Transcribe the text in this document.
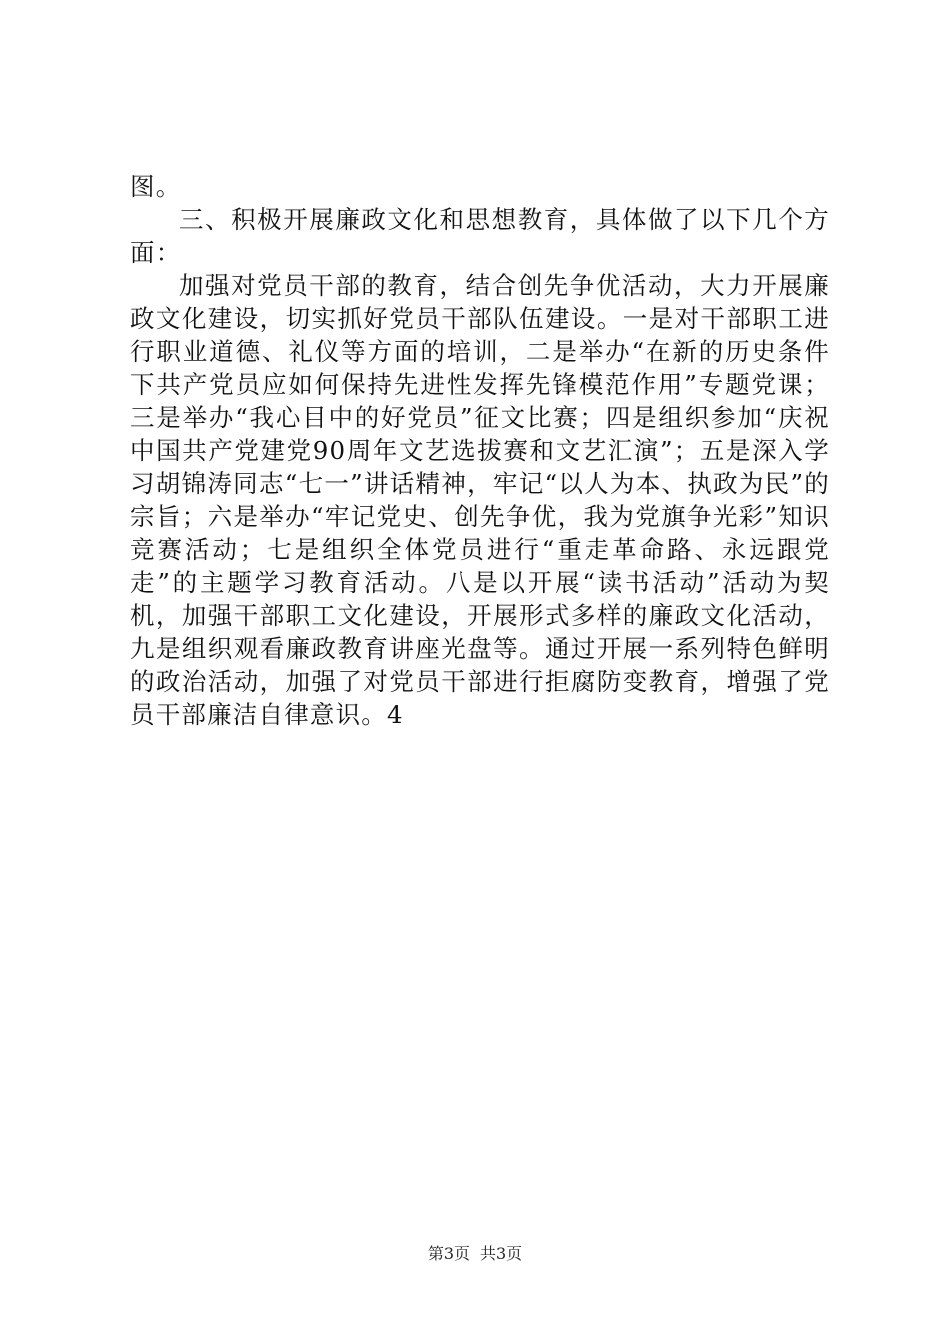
图。

三、积极开展廉政文化和思想教育，具体做了以下几个方面：

加强对党员干部的教育，结合创先争优活动，大力开展廉政文化建设，切实抓好党员干部队伍建设。一是对干部职工进行职业道德、礼仪等方面的培训，二是举办“在新的历史条件下共产党员应如何保持先进性发挥先锋模范作用”专题党课；三是举办“我心目中的好党员”征文比赛；四是组织参加“庆祝中国共产党建党90周年文艺选拔赛和文艺汇演”；五是深入学习胡锦涛同志“七一”讲话精神，牢记“以人为本、执政为民”的宗旨；六是举办“牢记党史、创先争优，我为党旗争光彩”知识竞赛活动；七是组织全体党员进行“重走革命路、永远跟党走”的主题学习教育活动。八是以开展“读书活动”活动为契机，加强干部职工文化建设，开展形式多样的廉政文化活动，九是组织观看廉政教育讲座光盘等。通过开展一系列特色鲜明的政治活动，加强了对党员干部进行拒腐防变教育，增强了党员干部廉洁自律意识。4

第3页 共3页
